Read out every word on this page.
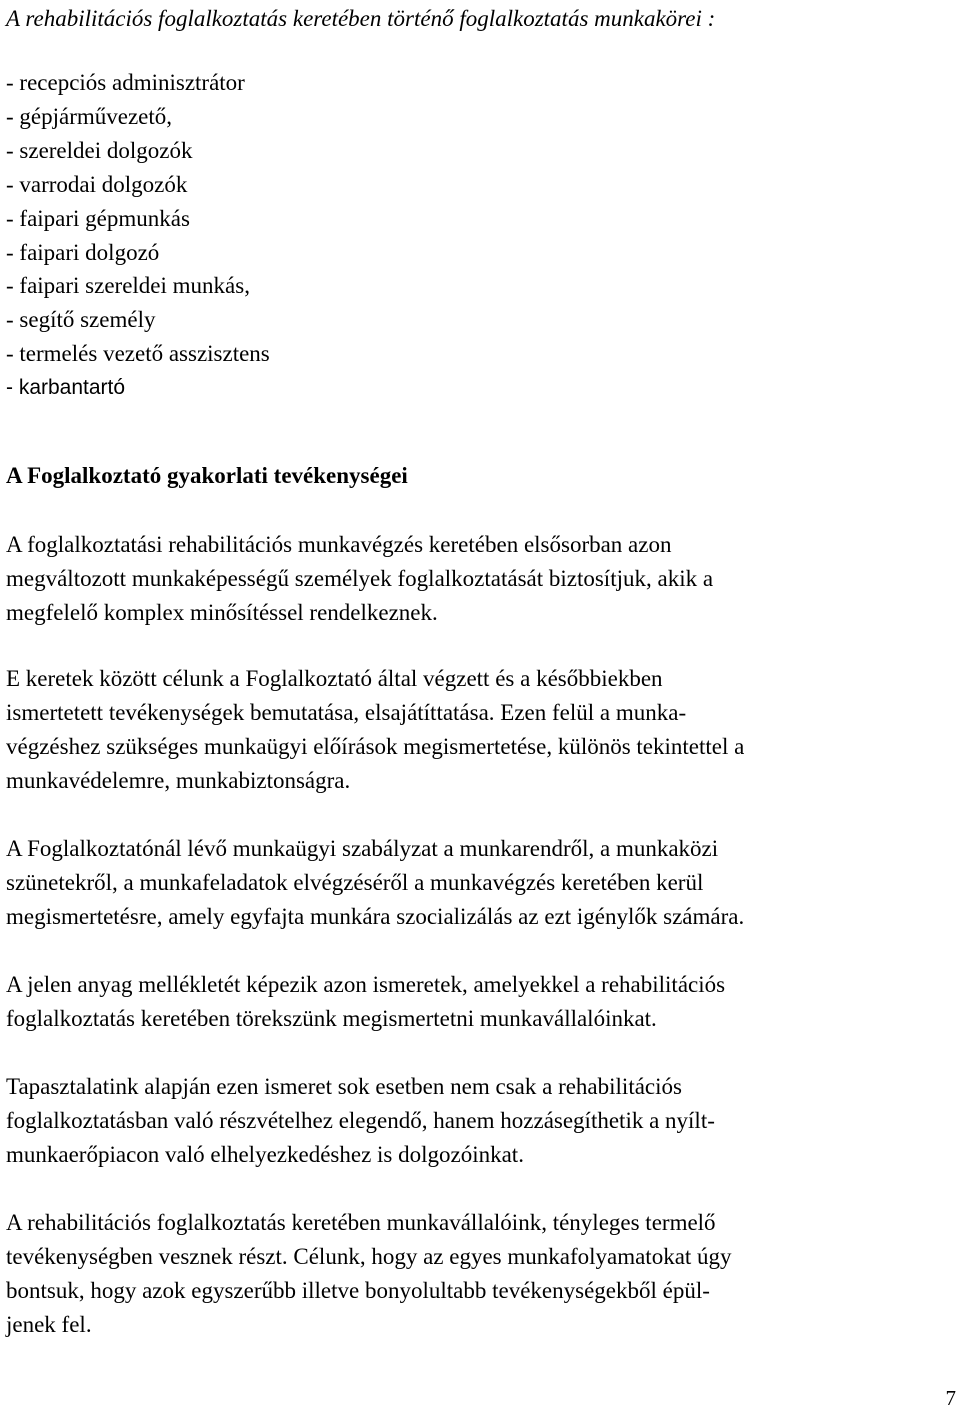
A rehabilitációs foglalkoztatás keretében történő foglalkoztatás munkakörei :
- recepciós adminisztrátor
- gépjárművezető,
- szereldei dolgozók
- varrodai dolgozók
- faipari gépmunkás
- faipari dolgozó
- faipari szereldei munkás,
- segítő személy
- termelés vezető asszisztens
- karbantartó
A Foglalkoztató gyakorlati tevékenységei

A foglalkoztatási rehabilitációs munkavégzés keretében elsősorban azon
megváltozott munkaképességű személyek foglalkoztatását biztosítjuk, akik a
megfelelő komplex minősítéssel rendelkeznek.

E keretek között célunk a Foglalkoztató által végzett és a későbbiekben
ismertetett tevékenységek bemutatása, elsajátíttatása. Ezen felül a munka-
végzéshez szükséges munkaügyi előírások megismertetése, különös tekintettel a
munkavédelemre, munkabiztonságra.

A Foglalkoztatónál lévő munkaügyi szabályzat a munkarendről, a munkaközi
szünetekről, a munkafeladatok elvégzéséről a munkavégzés keretében kerül
megismertetésre, amely egyfajta munkára szocializálás az ezt igénylők számára.

A jelen anyag mellékletét képezik azon ismeretek, amelyekkel a rehabilitációs
foglalkoztatás keretében törekszünk megismertetni munkavállalóinkat.

Tapasztalatink alapján ezen ismeret sok esetben nem csak a rehabilitációs
foglalkoztatásban való részvételhez elegendő, hanem hozzásegíthetik a nyílt-
munkaerőpiacon való elhelyezkedéshez is dolgozóinkat.

A rehabilitációs foglalkoztatás keretében munkavállalóink, tényleges termelő
tevékenységben vesznek részt. Célunk, hogy az egyes munkafolyamatokat úgy
bontsuk, hogy azok egyszerűbb illetve bonyolultabb tevékenységekből épül-
jenek fel.

7
